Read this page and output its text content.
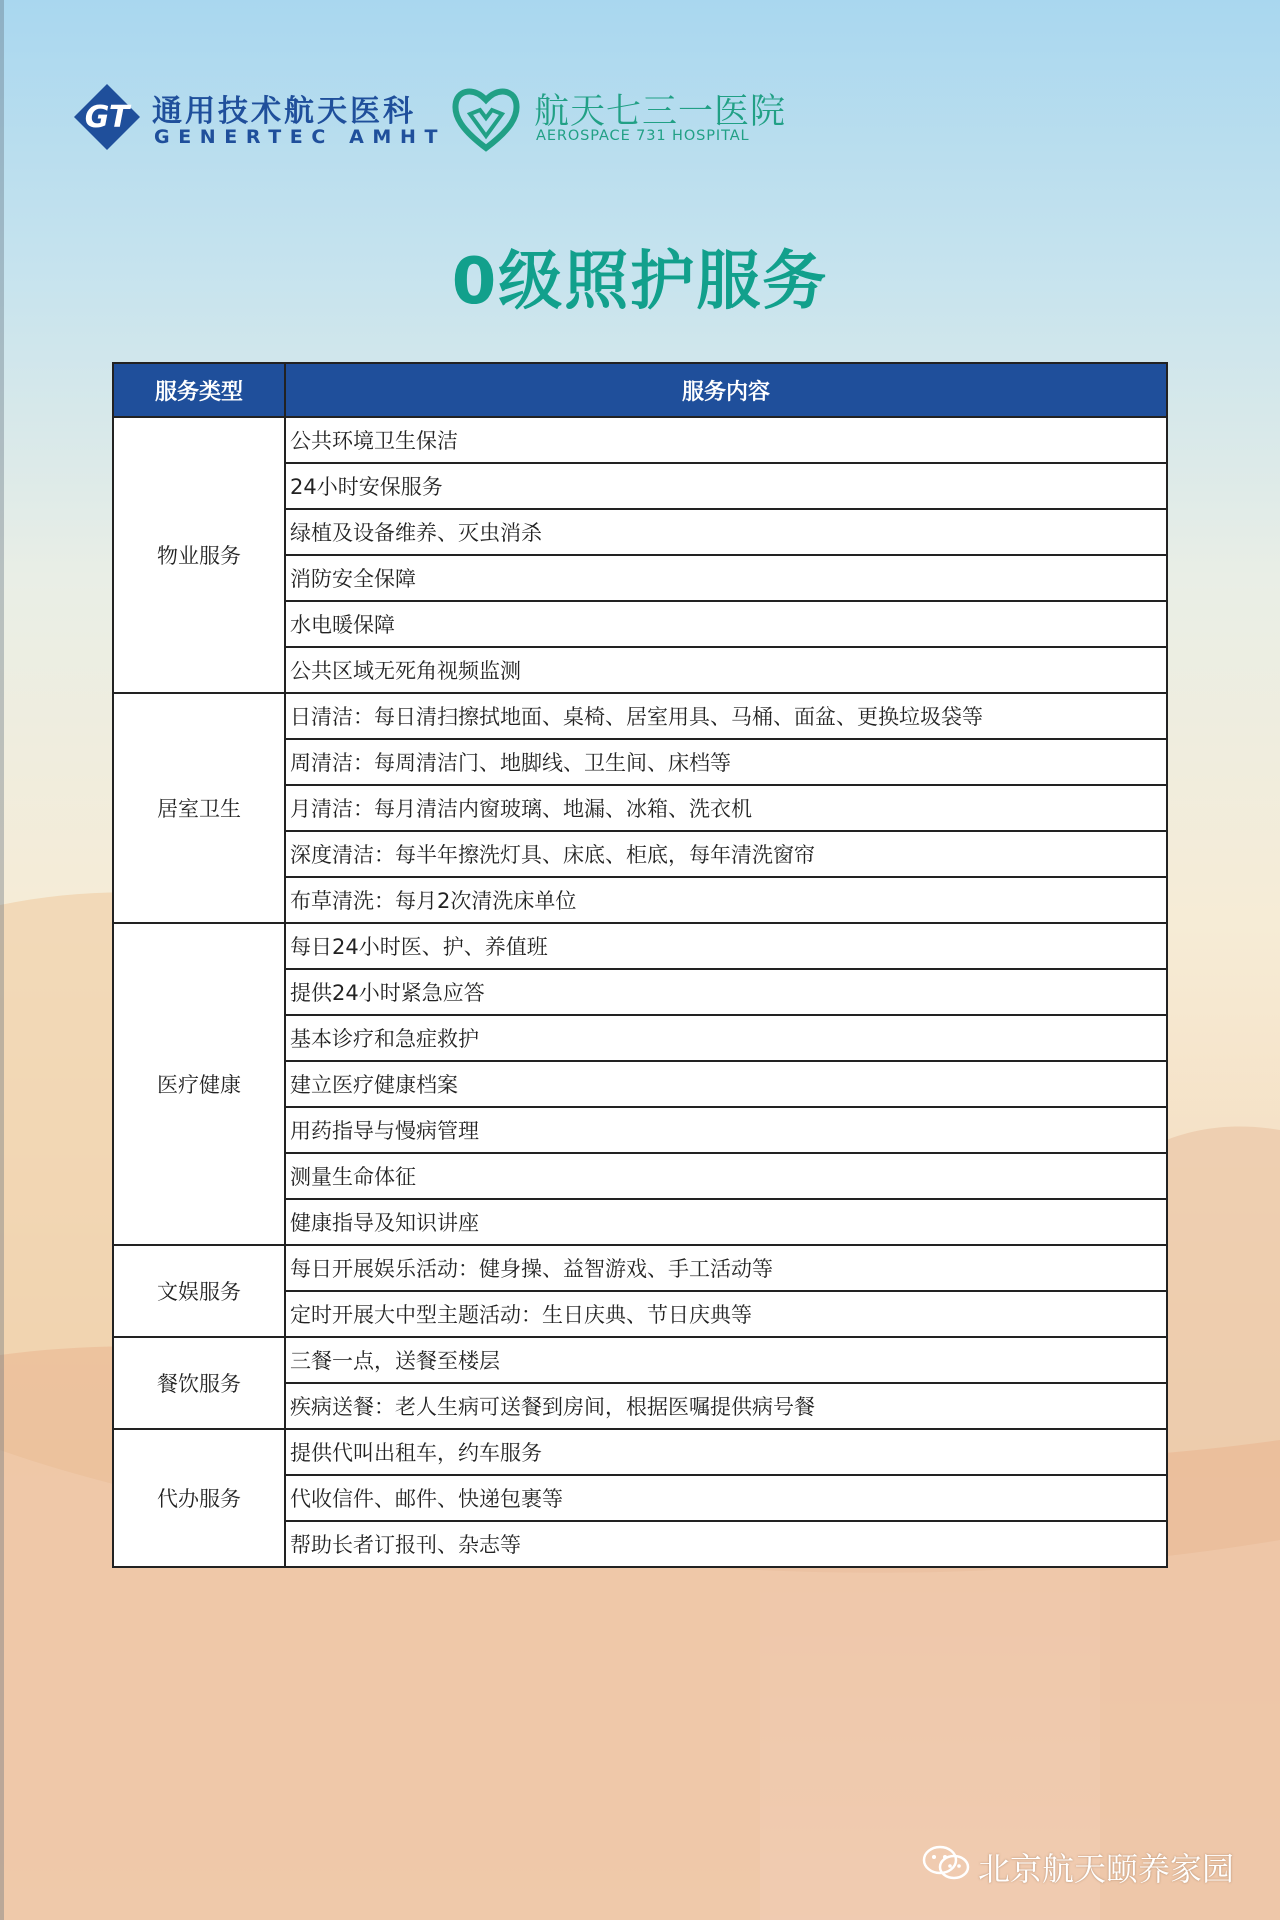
GT 通用技术航天医科
GENERTEC AMHT
航天七三一医院
AEROSPACE 731 HOSPITAL
0级照护服务
服务类型	服务内容
物业服务	公共环境卫生保洁
	24小时安保服务
	绿植及设备维养、灭虫消杀
	消防安全保障
	水电暖保障
	公共区域无死角视频监测
居室卫生	日清洁：每日清扫擦拭地面、桌椅、居室用具、马桶、面盆、更换垃圾袋等
	周清洁：每周清洁门、地脚线、卫生间、床档等
	月清洁：每月清洁内窗玻璃、地漏、冰箱、洗衣机
	深度清洁：每半年擦洗灯具、床底、柜底，每年清洗窗帘
	布草清洗：每月2次清洗床单位
医疗健康	每日24小时医、护、养值班
	提供24小时紧急应答
	基本诊疗和急症救护
	建立医疗健康档案
	用药指导与慢病管理
	测量生命体征
	健康指导及知识讲座
文娱服务	每日开展娱乐活动：健身操、益智游戏、手工活动等
	定时开展大中型主题活动：生日庆典、节日庆典等
餐饮服务	三餐一点，送餐至楼层
	疾病送餐：老人生病可送餐到房间，根据医嘱提供病号餐
代办服务	提供代叫出租车，约车服务
	代收信件、邮件、快递包裹等
	帮助长者订报刊、杂志等
北京航天颐养家园
